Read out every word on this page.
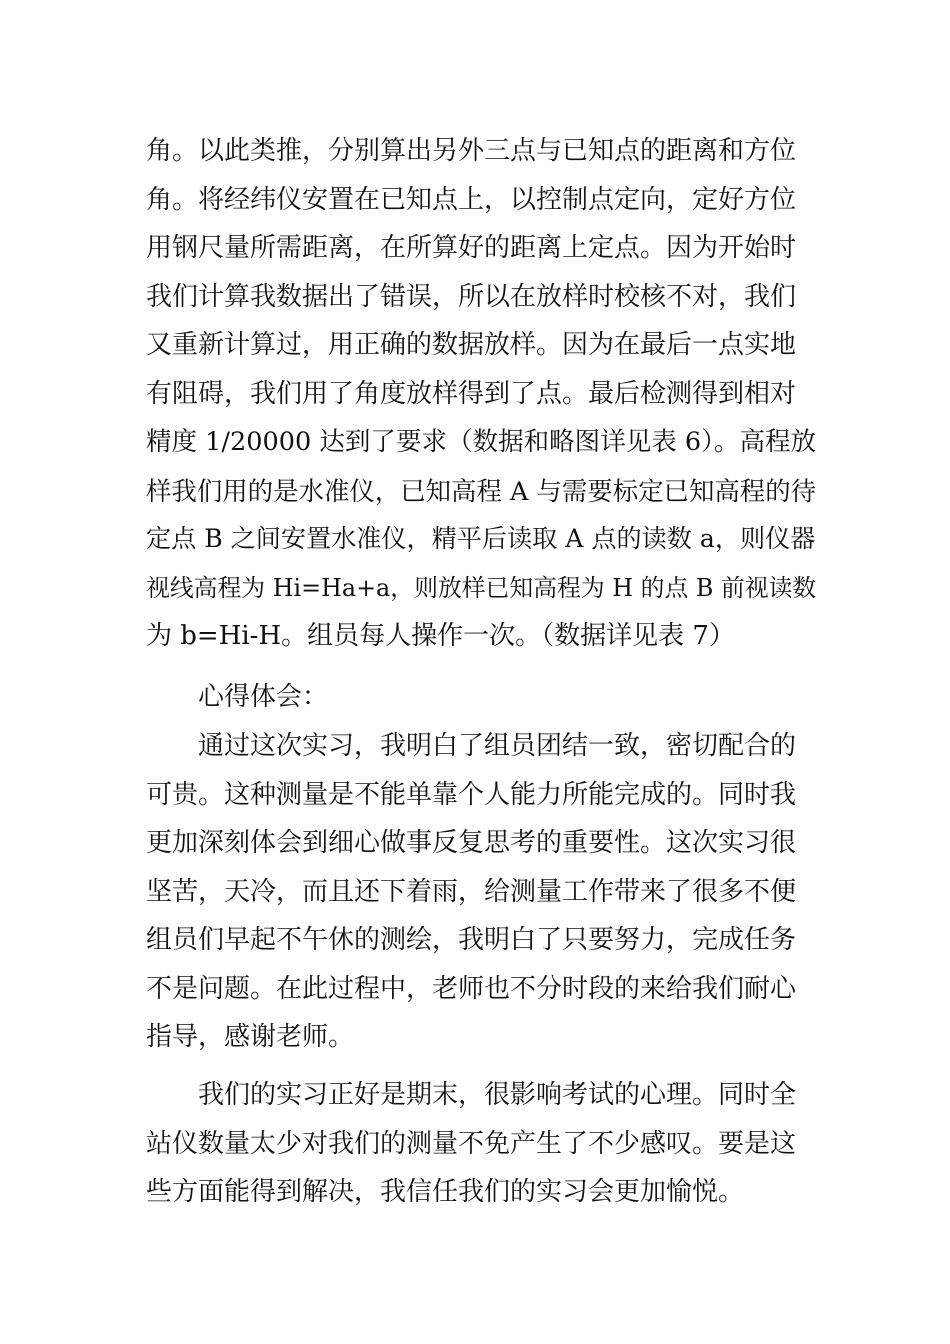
角。以此类推，分别算出另外三点与已知点的距离和方位
角。将经纬仪安置在已知点上，以控制点定向，定好方位
用钢尺量所需距离，在所算好的距离上定点。因为开始时
我们计算我数据出了错误，所以在放样时校核不对，我们
又重新计算过，用正确的数据放样。因为在最后一点实地
有阻碍，我们用了角度放样得到了点。最后检测得到相对
精度 1/20000 达到了要求（数据和略图详见表 6）。高程放
样我们用的是水准仪，已知高程 A 与需要标定已知高程的待
定点 B 之间安置水准仪，精平后读取 A 点的读数 a，则仪器
视线高程为 Hi=Ha+a，则放样已知高程为 H 的点 B 前视读数
为 b=Hi-H。组员每人操作一次。（数据详见表 7）
心得体会：
通过这次实习，我明白了组员团结一致，密切配合的
可贵。这种测量是不能单靠个人能力所能完成的。同时我
更加深刻体会到细心做事反复思考的重要性。这次实习很
坚苦，天冷，而且还下着雨，给测量工作带来了很多不便
组员们早起不午休的测绘，我明白了只要努力，完成任务
不是问题。在此过程中，老师也不分时段的来给我们耐心
指导，感谢老师。
我们的实习正好是期末，很影响考试的心理。同时全
站仪数量太少对我们的测量不免产生了不少感叹。要是这
些方面能得到解决，我信任我们的实习会更加愉悦。
